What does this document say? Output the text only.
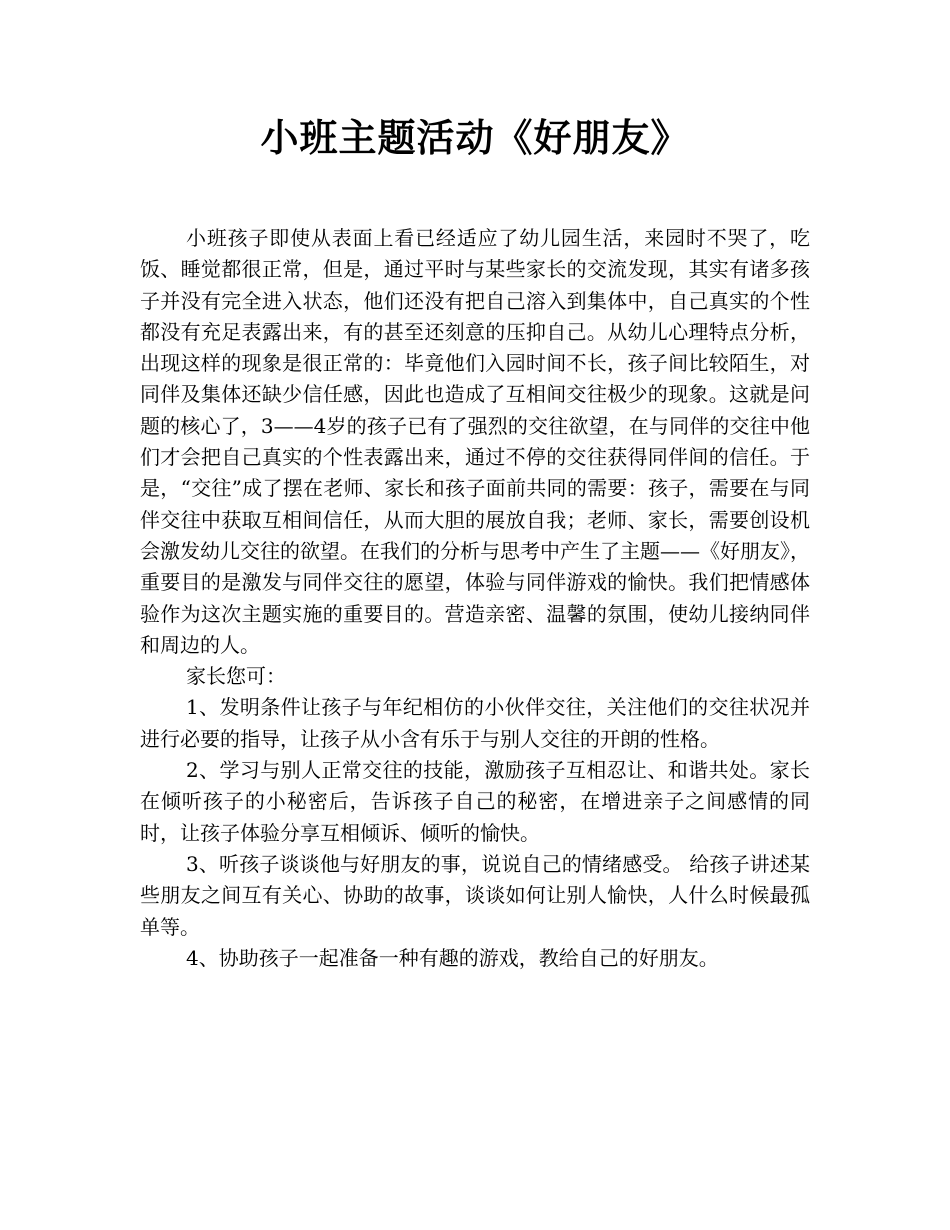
小班主题活动《好朋友》

小班孩子即使从表面上看已经适应了幼儿园生活，来园时不哭了，吃饭、睡觉都很正常，但是，通过平时与某些家长的交流发现，其实有诸多孩子并没有完全进入状态，他们还没有把自己溶入到集体中，自己真实的个性都没有充足表露出来，有的甚至还刻意的压抑自己。从幼儿心理特点分析，出现这样的现象是很正常的：毕竟他们入园时间不长，孩子间比较陌生，对同伴及集体还缺少信任感，因此也造成了互相间交往极少的现象。这就是问题的核心了，3——4岁的孩子已有了强烈的交往欲望，在与同伴的交往中他们才会把自己真实的个性表露出来，通过不停的交往获得同伴间的信任。于是，“交往”成了摆在老师、家长和孩子面前共同的需要：孩子，需要在与同伴交往中获取互相间信任，从而大胆的展放自我；老师、家长，需要创设机会激发幼儿交往的欲望。在我们的分析与思考中产生了主题——《好朋友》，重要目的是激发与同伴交往的愿望，体验与同伴游戏的愉快。我们把情感体验作为这次主题实施的重要目的。营造亲密、温馨的氛围，使幼儿接纳同伴和周边的人。

家长您可：

1、发明条件让孩子与年纪相仿的小伙伴交往，关注他们的交往状况并进行必要的指导，让孩子从小含有乐于与别人交往的开朗的性格。

2、学习与别人正常交往的技能，激励孩子互相忍让、和谐共处。家长在倾听孩子的小秘密后，告诉孩子自己的秘密，在增进亲子之间感情的同时，让孩子体验分享互相倾诉、倾听的愉快。

3、听孩子谈谈他与好朋友的事，说说自己的情绪感受。 给孩子讲述某些朋友之间互有关心、协助的故事，谈谈如何让别人愉快，人什么时候最孤单等。

4、协助孩子一起准备一种有趣的游戏，教给自己的好朋友。
